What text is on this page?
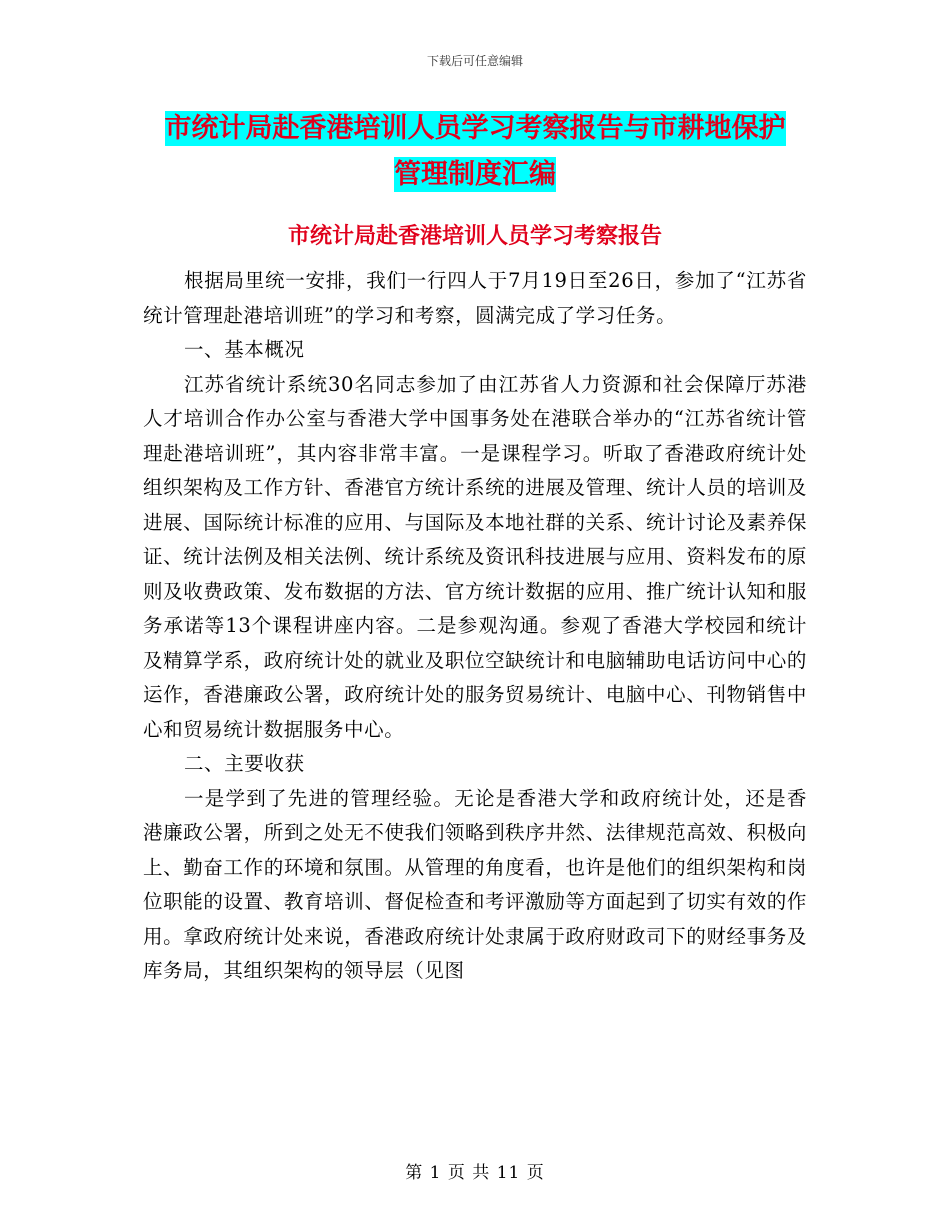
下载后可任意编辑
市统计局赴香港培训人员学习考察报告与市耕地保护
管理制度汇编
市统计局赴香港培训人员学习考察报告

根据局里统一安排，我们一行四人于7月19日至26日，参加了“江苏省统计管理赴港培训班”的学习和考察，圆满完成了学习任务。

一、基本概况

江苏省统计系统30名同志参加了由江苏省人力资源和社会保障厅苏港人才培训合作办公室与香港大学中国事务处在港联合举办的“江苏省统计管理赴港培训班”，其内容非常丰富。一是课程学习。听取了香港政府统计处组织架构及工作方针、香港官方统计系统的进展及管理、统计人员的培训及进展、国际统计标准的应用、与国际及本地社群的关系、统计讨论及素养保证、统计法例及相关法例、统计系统及资讯科技进展与应用、资料发布的原则及收费政策、发布数据的方法、官方统计数据的应用、推广统计认知和服务承诺等13个课程讲座内容。二是参观沟通。参观了香港大学校园和统计及精算学系，政府统计处的就业及职位空缺统计和电脑辅助电话访问中心的运作，香港廉政公署，政府统计处的服务贸易统计、电脑中心、刊物销售中心和贸易统计数据服务中心。

二、主要收获

一是学到了先进的管理经验。无论是香港大学和政府统计处，还是香港廉政公署，所到之处无不使我们领略到秩序井然、法律规范高效、积极向上、勤奋工作的环境和氛围。从管理的角度看，也许是他们的组织架构和岗位职能的设置、教育培训、督促检查和考评激励等方面起到了切实有效的作用。拿政府统计处来说，香港政府统计处隶属于政府财政司下的财经事务及库务局，其组织架构的领导层（见图

第 1 页 共 11 页
